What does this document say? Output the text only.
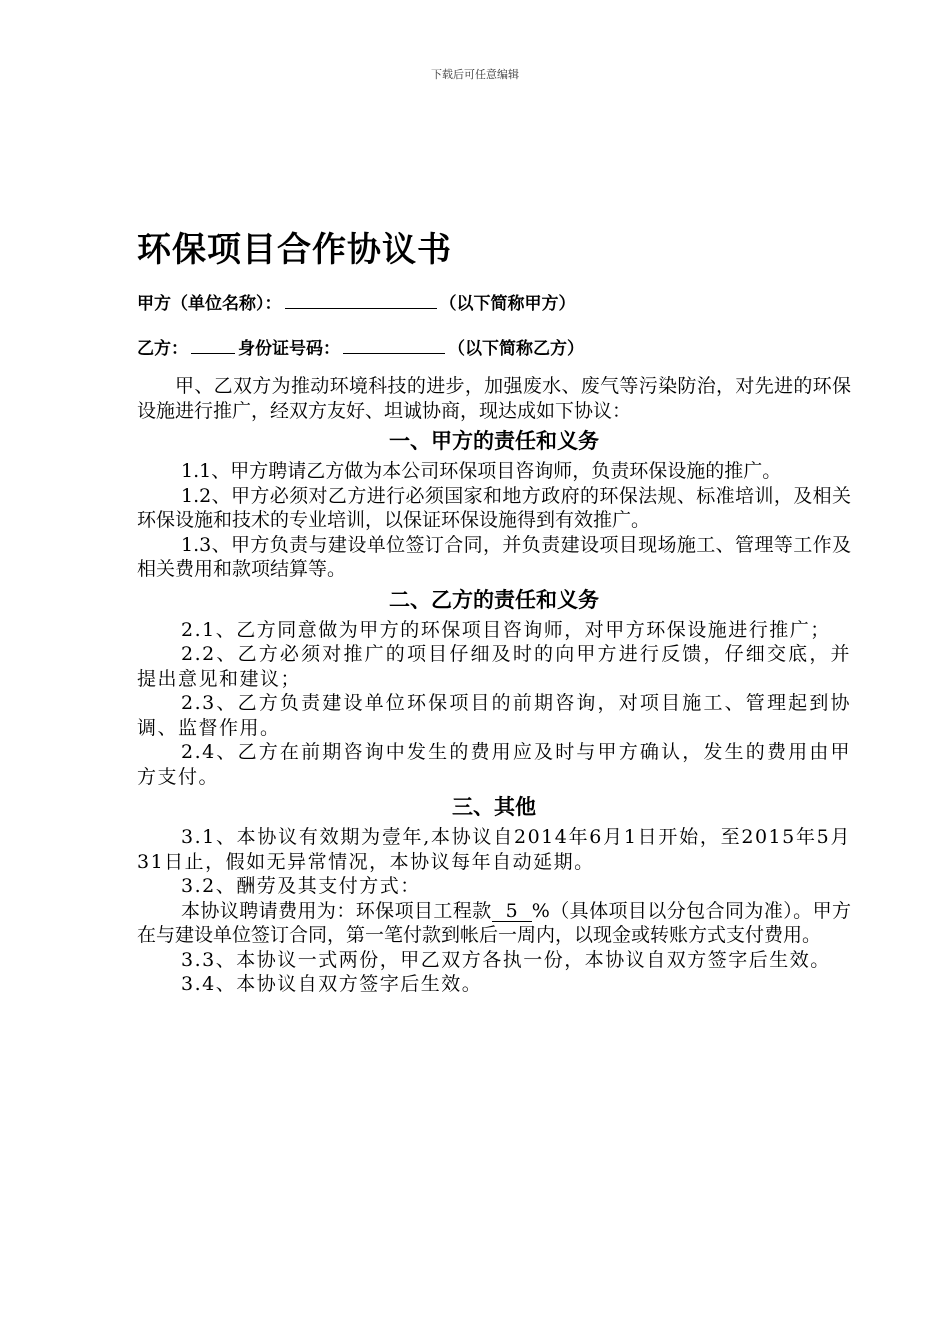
下载后可任意编辑
环保项目合作协议书
甲方（单位名称）：	（以下简称甲方）
乙方：	身份证号码：	（以下简称乙方）

甲、乙双方为推动环境科技的进步，加强废水、废气等污染防治，对先进的环保设施进行推广，经双方友好、坦诚协商，现达成如下协议：

一、甲方的责任和义务

1.1、甲方聘请乙方做为本公司环保项目咨询师，负责环保设施的推广。

1.2、甲方必须对乙方进行必须国家和地方政府的环保法规、标准培训，及相关环保设施和技术的专业培训，以保证环保设施得到有效推广。

1.3、甲方负责与建设单位签订合同，并负责建设项目现场施工、管理等工作及相关费用和款项结算等。

二、乙方的责任和义务

2.1、乙方同意做为甲方的环保项目咨询师，对甲方环保设施进行推广；

2.2、乙方必须对推广的项目仔细及时的向甲方进行反馈，仔细交底，并提出意见和建议；

2.3、乙方负责建设单位环保项目的前期咨询，对项目施工、管理起到协调、监督作用。

2.4、乙方在前期咨询中发生的费用应及时与甲方确认，发生的费用由甲方支付。

三、其他

3.1、本协议有效期为壹年,本协议自2014年6月1日开始，至2015年5月31日止，假如无异常情况，本协议每年自动延期。

3.2、酬劳及其支付方式：

本协议聘请费用为：环保项目工程款 5 %（具体项目以分包合同为准）。甲方在与建设单位签订合同，第一笔付款到帐后一周内，以现金或转账方式支付费用。

3.3、本协议一式两份，甲乙双方各执一份，本协议自双方签字后生效。

3.4、本协议自双方签字后生效。
